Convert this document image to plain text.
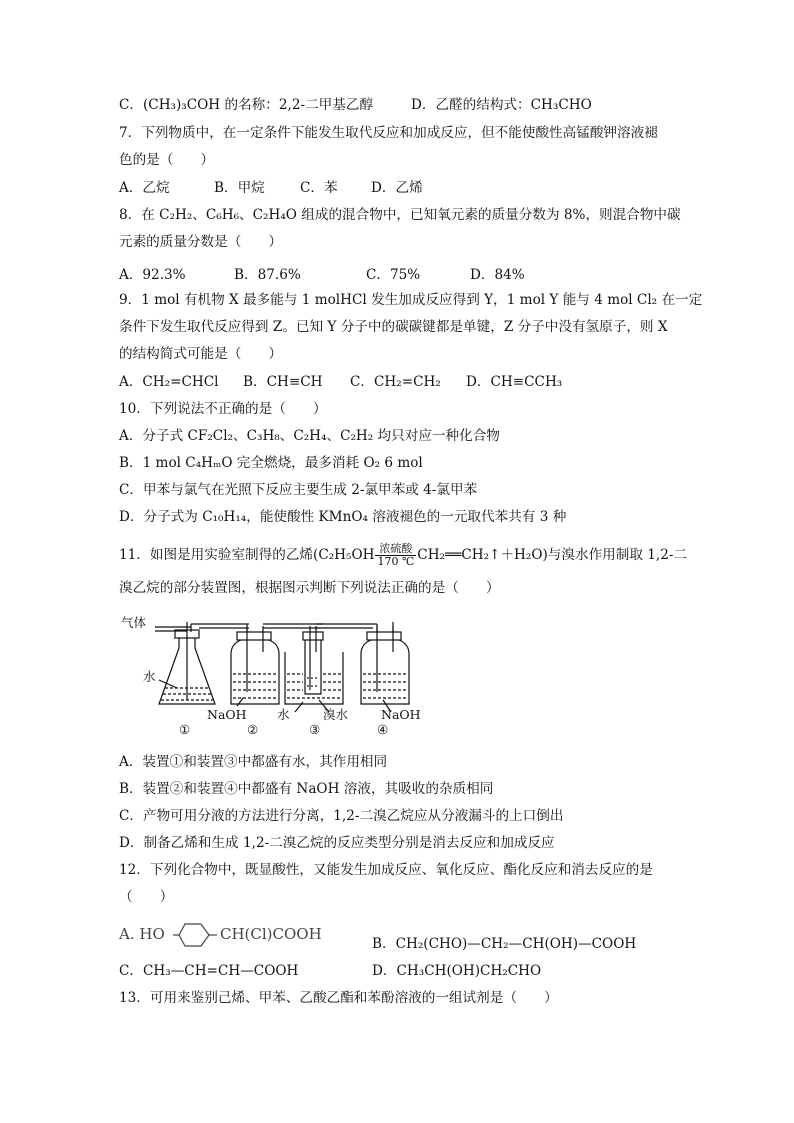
C．(CH₃)₃COH 的名称：2,2-二甲基乙醇	D．乙醛的结构式：CH₃CHO
7．下列物质中，在一定条件下能发生取代反应和加成反应，但不能使酸性高锰酸钾溶液褪
色的是（　　）
A．乙烷	B．甲烷	C．苯 D．乙烯
8．在 C₂H₂、C₆H₆、C₂H₄O 组成的混合物中，已知氧元素的质量分数为 8%，则混合物中碳
元素的质量分数是（　　）
A．92.3%	B．87.6%	C．75%	D．84%
9．1 mol 有机物 X 最多能与 1 molHCl 发生加成反应得到 Y，1 mol Y 能与 4 mol Cl₂ 在一定
条件下发生取代反应得到 Z。已知 Y 分子中的碳碳键都是单键，Z 分子中没有氢原子，则 X
的结构简式可能是（　　）
A．CH₂=CHCl B．CH≡CH C．CH₂=CH₂ D．CH≡CCH₃
10．下列说法不正确的是（　　）
A．分子式 CF₂Cl₂、C₃H₈、C₂H₄、C₂H₂ 均只对应一种化合物
B．1 mol C₄HₘO 完全燃烧，最多消耗 O₂ 6 mol
C．甲苯与氯气在光照下反应主要生成 2-氯甲苯或 4-氯甲苯
D．分子式为 C₁₀H₁₄，能使酸性 KMnO₄ 溶液褪色的一元取代苯共有 3 种
11．如图是用实验室制得的乙烯($C_2H_5OH \frac{\text{浓硫酸}}{170 ℃}$ CH₂══CH₂↑＋H₂O)与溴水作用制取 1,2-二
溴乙烷的部分装置图，根据图示判断下列说法正确的是（　　）
气体
水
NaOH 水	溴水	NaOH
①	②	③	④
A．装置①和装置③中都盛有水，其作用相同
B．装置②和装置④中都盛有 NaOH 溶液，其吸收的杂质相同
C．产物可用分液的方法进行分离，1,2-二溴乙烷应从分液漏斗的上口倒出
D．制备乙烯和生成 1,2-二溴乙烷的反应类型分别是消去反应和加成反应
12．下列化合物中，既显酸性，又能发生加成反应、氧化反应、酯化反应和消去反应的是
（　　）
A. HO	CH(Cl)COOH
B．CH₂(CHO)—CH₂—CH(OH)—COOH
C．CH₃—CH=CH—COOH	D．CH₃CH(OH)CH₂CHO
13．可用来鉴别己烯、甲苯、乙酸乙酯和苯酚溶液的一组试剂是（　　）
